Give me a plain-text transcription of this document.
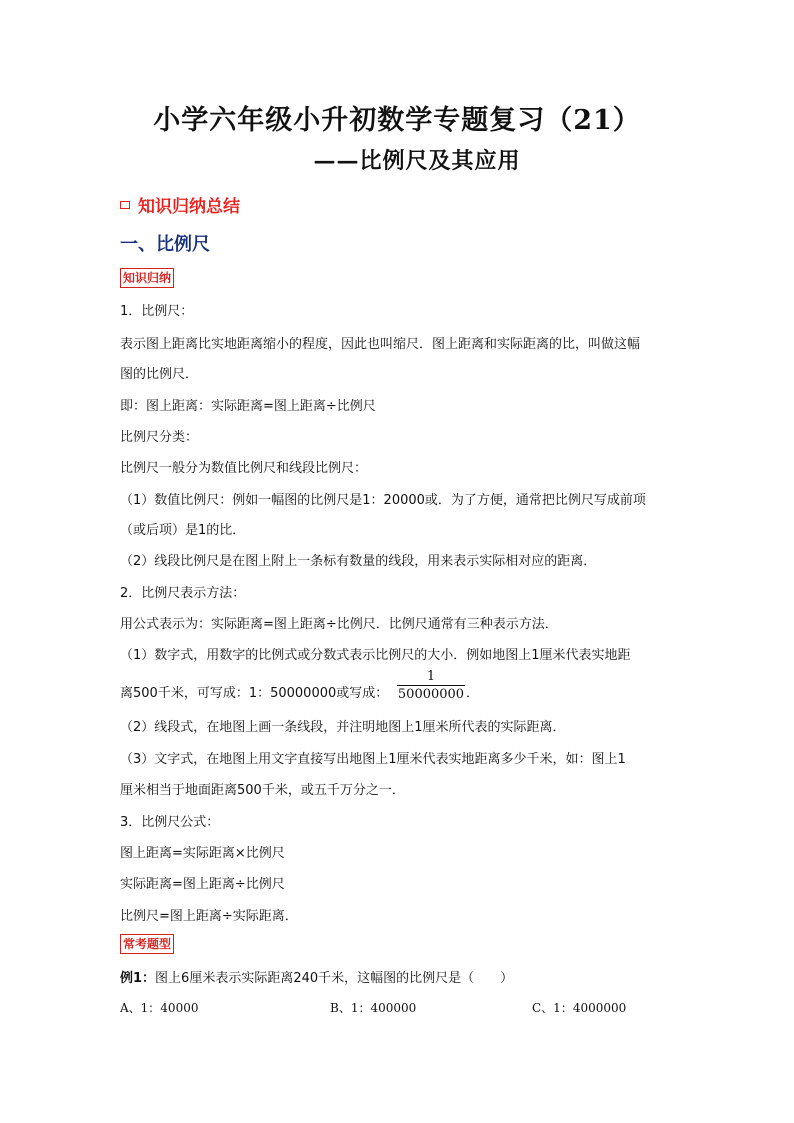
小学六年级小升初数学专题复习（21）
——比例尺及其应用
知识归纳总结
一、比例尺
知识归纳
1．比例尺：
表示图上距离比实地距离缩小的程度，因此也叫缩尺．图上距离和实际距离的比，叫做这幅
图的比例尺．
即：图上距离：实际距离=图上距离÷比例尺
比例尺分类：
比例尺一般分为数值比例尺和线段比例尺：
（1）数值比例尺：例如一幅图的比例尺是1：20000或．为了方便，通常把比例尺写成前项
（或后项）是1的比．
（2）线段比例尺是在图上附上一条标有数量的线段，用来表示实际相对应的距离．
2．比例尺表示方法：
用公式表示为：实际距离=图上距离÷比例尺．比例尺通常有三种表示方法．
（1）数字式，用数字的比例式或分数式表示比例尺的大小．例如地图上1厘米代表实地距
离500千米，可写成：1：50000000或写成：
1
50000000 ．
（2）线段式，在地图上画一条线段，并注明地图上1厘米所代表的实际距离．
（3）文字式，在地图上用文字直接写出地图上1厘米代表实地距离多少千米，如：图上1
厘米相当于地面距离500千米，或五千万分之一．
3．比例尺公式：
图上距离=实际距离×比例尺
实际距离=图上距离÷比例尺
比例尺=图上距离÷实际距离．
常考题型
例1：图上6厘米表示实际距离240千米，这幅图的比例尺是（　　）
A、1：40000	B、1：400000	C、1：4000000
